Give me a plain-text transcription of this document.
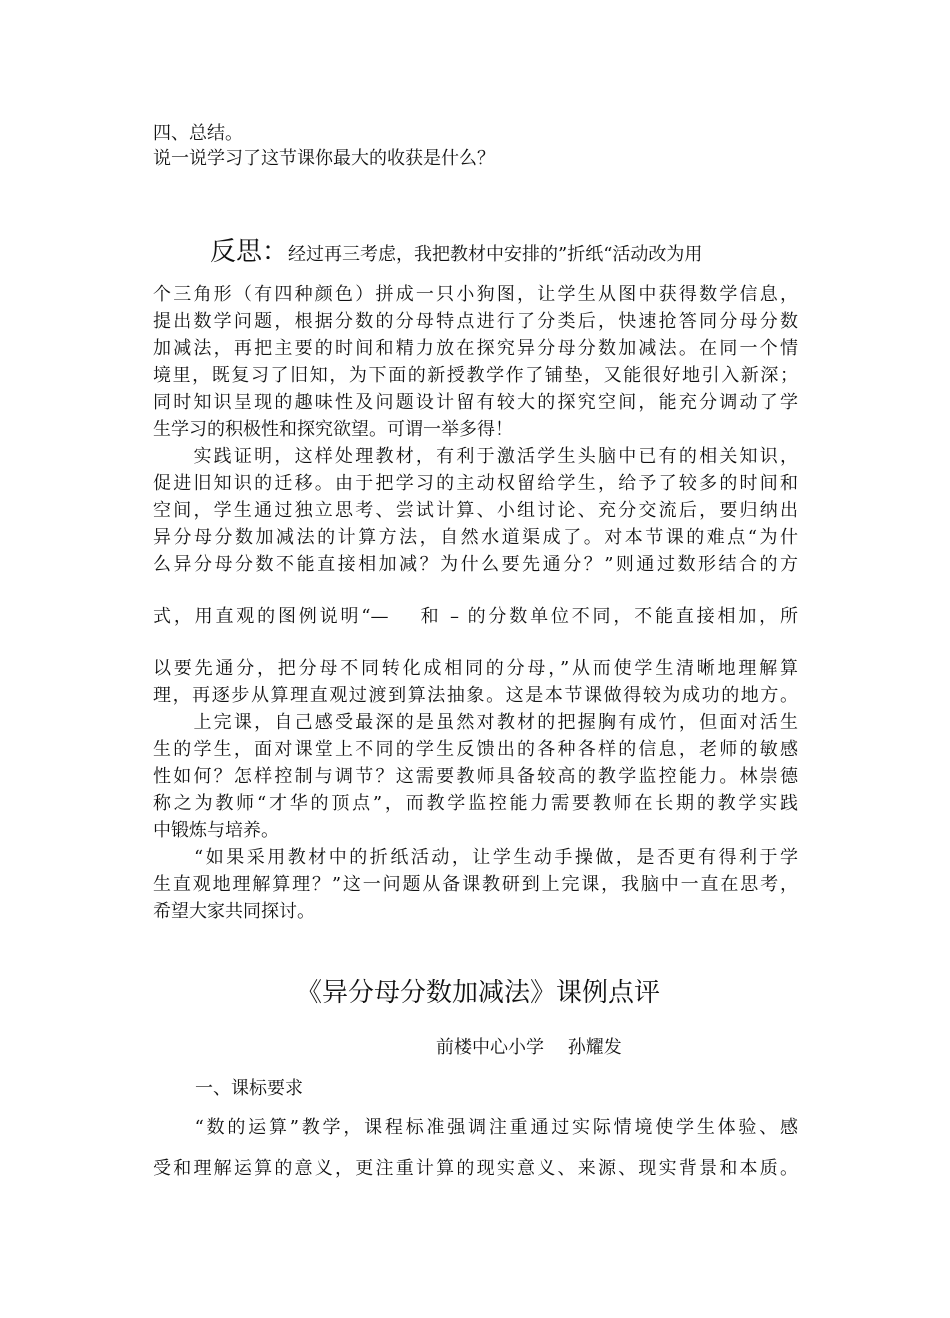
四、总结。

说一说学习了这节课你最大的收获是什么？

反思：经过再三考虑，我把教材中安排的”折纸“活动改为用

个三角形（有四种颜色）拼成一只小狗图，让学生从图中获得数学信息，

提出数学问题，根据分数的分母特点进行了分类后，快速抢答同分母分数

加减法，再把主要的时间和精力放在探究异分母分数加减法。在同一个情

境里，既复习了旧知，为下面的新授教学作了铺垫，又能很好地引入新深；

同时知识呈现的趣味性及问题设计留有较大的探究空间，能充分调动了学

生学习的积极性和探究欲望。可谓一举多得！

　　实践证明，这样处理教材，有利于激活学生头脑中已有的相关知识，

促进旧知识的迁移。由于把学习的主动权留给学生，给予了较多的时间和

空间，学生通过独立思考、尝试计算、小组讨论、充分交流后，要归纳出

异分母分数加减法的计算方法，自然水道渠成了。对本节课的难点“为什

么异分母分数不能直接相加减？为什么要先通分？”则通过数形结合的方

式，用直观的图例说明“—　 和 – 的分数单位不同，不能直接相加，所

以要先通分，把分母不同转化成相同的分母，”从而使学生清晰地理解算

理，再逐步从算理直观过渡到算法抽象。这是本节课做得较为成功的地方。

　　上完课，自己感受最深的是虽然对教材的把握胸有成竹，但面对活生

生的学生，面对课堂上不同的学生反馈出的各种各样的信息，老师的敏感

性如何？怎样控制与调节？这需要教师具备较高的教学监控能力。林崇德

称之为教师“才华的顶点”，而教学监控能力需要教师在长期的教学实践

中锻炼与培养。

　　“如果采用教材中的折纸活动，让学生动手操做，是否更有得利于学

生直观地理解算理？”这一问题从备课教研到上完课，我脑中一直在思考，

希望大家共同探讨。

《异分母分数加减法》课例点评

前楼中心小学　 孙耀发

一、课标要求

　　“数的运算”教学，课程标准强调注重通过实际情境使学生体验、感

受和理解运算的意义，更注重计算的现实意义、来源、现实背景和本质。
